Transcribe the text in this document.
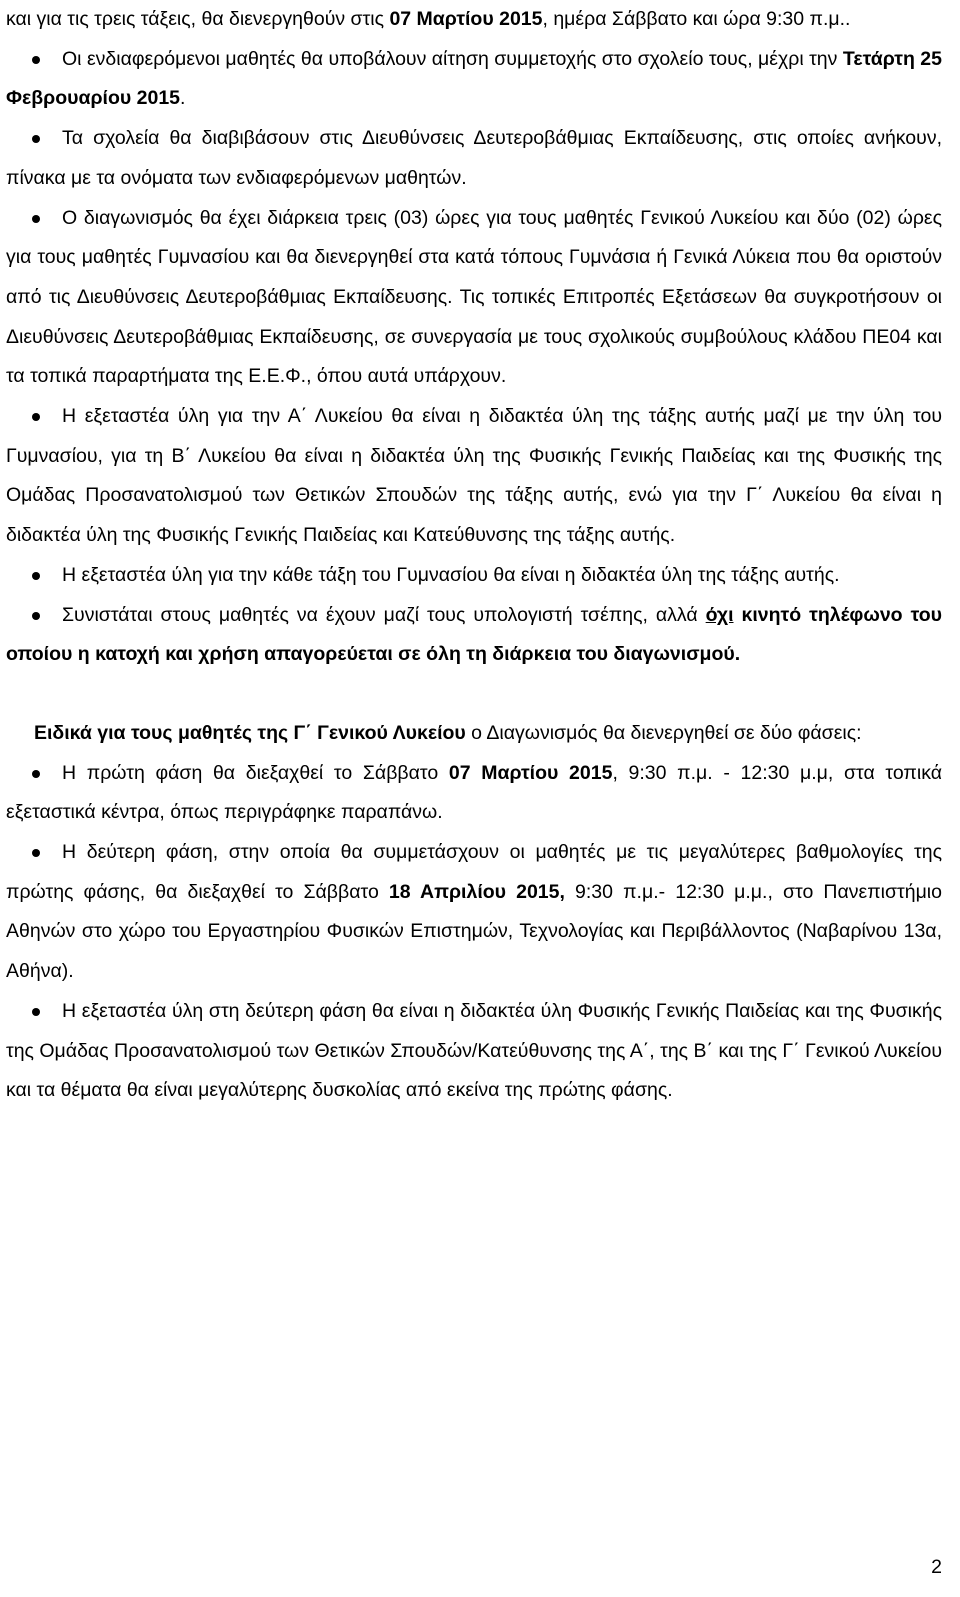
και για τις τρεις τάξεις, θα διενεργηθούν στις 07 Μαρτίου 2015, ημέρα Σάββατο και ώρα 9:30 π.μ..

Οι ενδιαφερόμενοι μαθητές θα υποβάλουν αίτηση συμμετοχής στο σχολείο τους, μέχρι την Τετάρτη 25 Φεβρουαρίου 2015.

Τα σχολεία θα διαβιβάσουν στις Διευθύνσεις Δευτεροβάθμιας Εκπαίδευσης, στις οποίες ανήκουν, πίνακα με τα ονόματα των ενδιαφερόμενων μαθητών.

Ο διαγωνισμός θα έχει διάρκεια τρεις (03) ώρες για τους μαθητές Γενικού Λυκείου και δύο (02) ώρες για τους μαθητές Γυμνασίου και θα διενεργηθεί στα κατά τόπους Γυμνάσια ή Γενικά Λύκεια που θα οριστούν από τις Διευθύνσεις Δευτεροβάθμιας Εκπαίδευσης. Τις τοπικές Επιτροπές Εξετάσεων θα συγκροτήσουν οι Διευθύνσεις Δευτεροβάθμιας Εκπαίδευσης, σε συνεργασία με τους σχολικούς συμβούλους κλάδου ΠΕ04 και τα τοπικά παραρτήματα της Ε.Ε.Φ., όπου αυτά υπάρχουν.

Η εξεταστέα ύλη για την Α΄ Λυκείου θα είναι η διδακτέα ύλη της τάξης αυτής μαζί με την ύλη του Γυμνασίου, για τη Β΄ Λυκείου θα είναι η διδακτέα ύλη της Φυσικής Γενικής Παιδείας και της Φυσικής της Ομάδας Προσανατολισμού των Θετικών Σπουδών της τάξης αυτής, ενώ για την Γ΄ Λυκείου θα είναι η διδακτέα ύλη της Φυσικής Γενικής Παιδείας και Κατεύθυνσης της τάξης αυτής.

Η εξεταστέα ύλη για την κάθε τάξη του Γυμνασίου θα είναι η διδακτέα ύλη της τάξης αυτής.

Συνιστάται στους μαθητές να έχουν μαζί τους υπολογιστή τσέπης, αλλά όχι κινητό τηλέφωνο του οποίου η κατοχή και χρήση απαγορεύεται σε όλη τη διάρκεια του διαγωνισμού.

Ειδικά για τους μαθητές της Γ΄ Γενικού Λυκείου ο Διαγωνισμός θα διενεργηθεί σε δύο φάσεις:

Η πρώτη φάση θα διεξαχθεί το Σάββατο 07 Μαρτίου 2015, 9:30 π.μ. - 12:30 μ.μ, στα τοπικά εξεταστικά κέντρα, όπως περιγράφηκε παραπάνω.

Η δεύτερη φάση, στην οποία θα συμμετάσχουν οι μαθητές με τις μεγαλύτερες βαθμολογίες της πρώτης φάσης, θα διεξαχθεί το Σάββατο 18 Απριλίου 2015, 9:30 π.μ.- 12:30 μ.μ., στο Πανεπιστήμιο Αθηνών στο χώρο του Εργαστηρίου Φυσικών Επιστημών, Τεχνολογίας και Περιβάλλοντος (Ναβαρίνου 13α, Αθήνα).

Η εξεταστέα ύλη στη δεύτερη φάση θα είναι η διδακτέα ύλη Φυσικής Γενικής Παιδείας και της Φυσικής της Ομάδας Προσανατολισμού των Θετικών Σπουδών/Κατεύθυνσης της Α΄, της Β΄ και της Γ΄ Γενικού Λυκείου και τα θέματα θα είναι μεγαλύτερης δυσκολίας από εκείνα της πρώτης φάσης.

2
